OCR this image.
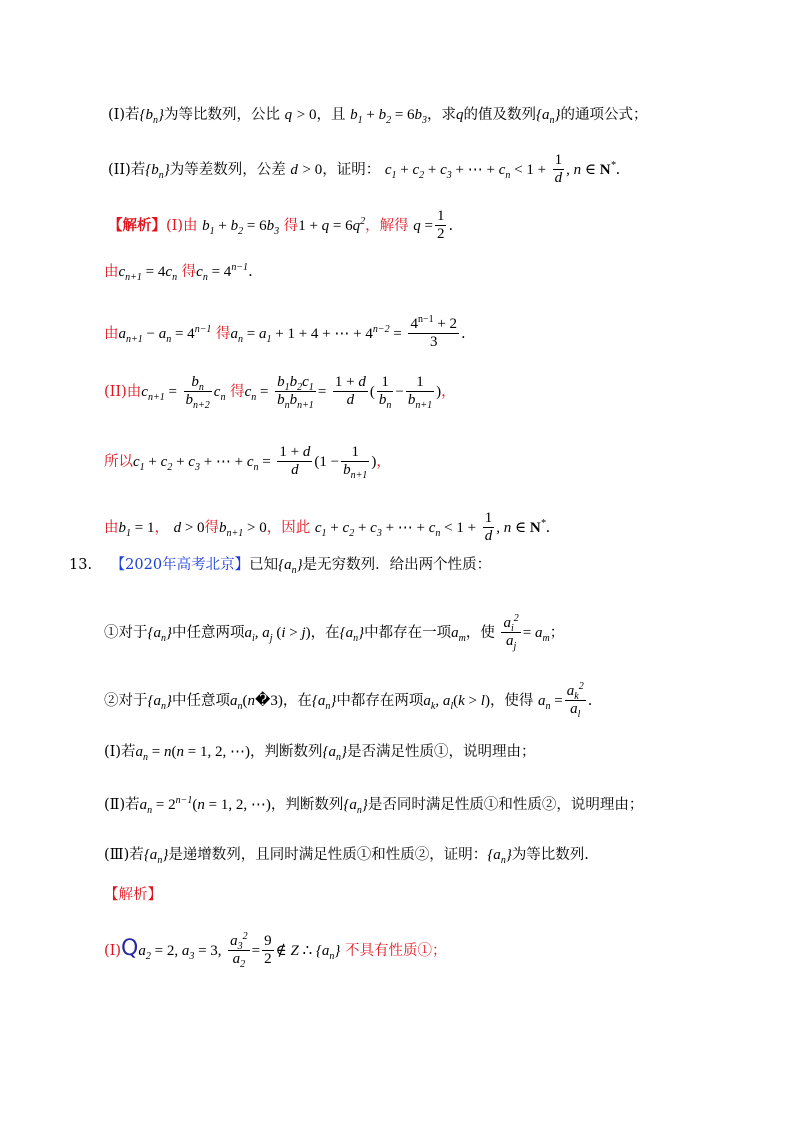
(I)若$\{b_n\}$为等比数列，公比 q > 0，且 $b_1 + b_2 = 6b_3$，求q的值及数列$\{a_n\}$的通项公式；
(II)若$\{b_n\}$为等差数列，公差 d > 0，证明： $c_1 + c_2 + c_3$ + ⋯ + $c_n < 1 + \frac{1}{d}$ , n ∈ N*.
【解析】(I)由 $b_1 + b_2 = 6b_3$ 得$1 + q = 6q^2$，解得 $q = \frac{1}{2}$ .
由$c_{n+1} = 4c_n$ 得$c_n = 4^{n-1}$.
由$a_{n+1} - a_n = 4^{n-1}$ 得$a_n = a_1 + 1 + 4$ + ⋯ + $4^{n-2} = \frac{4^{n-1} + 2}{3}$ .
(II)由$c_{n+1} = \frac{b_n}{b_{n+2}} c_n$ 得$c_n = \frac{b_1b_2c_1}{b_nb_{n+1}} = \frac{1 + d}{d}$ ( $\frac{1}{b_n} - \frac{1}{b_{n+1}}$ )，
所以$c_1 + c_2 + c_3$ + ⋯ + $c_n = \frac{1 + d}{d} (1 - \frac{1}{b_{n+1}}$ )，
由$b_1 = 1$， d > 0得$b_{n+1} > 0$，因此 $c_1 + c_2 + c_3$ + ⋯ + $c_n < 1 + \frac{1}{d}$ , n ∈ N*.
13. 【2020年高考北京】已知$\{a_n\}$是无穷数列．给出两个性质：
①对于$\{a_n\}$中任意两项$a_i$, $a_j$ (i > j)，在$\{a_n\}$中都存在一项$a_m$，使 $\frac{a_i^2}{a_j} = a_m$；
②对于$\{a_n\}$中任意项$a_n(n�3)$，在$\{a_n\}$中都存在两项$a_k$, $a_l(k > l)$，使得 $a_n = \frac{a_k^2}{a_l}$ .
(Ⅰ)若$a_n = n(n = 1$, 2, ⋯)，判断数列$\{a_n\}$是否满足性质①，说明理由；
(Ⅱ)若$a_n = 2^{n-1}(n = 1$, 2, ⋯)，判断数列$\{a_n\}$是否同时满足性质①和性质②，说明理由；
(Ⅲ)若$\{a_n\}$是递增数列，且同时满足性质①和性质②，证明：$\{a_n\}$为等比数列.
【解析】
$(Ⅰ)Qa_2 = 2$, $a_3 = 3$, $\frac{a_3^2}{a_2} = \frac{9}{2}$ ∉ Z ∴ $\{a_n\}$ 不具有性质①；
